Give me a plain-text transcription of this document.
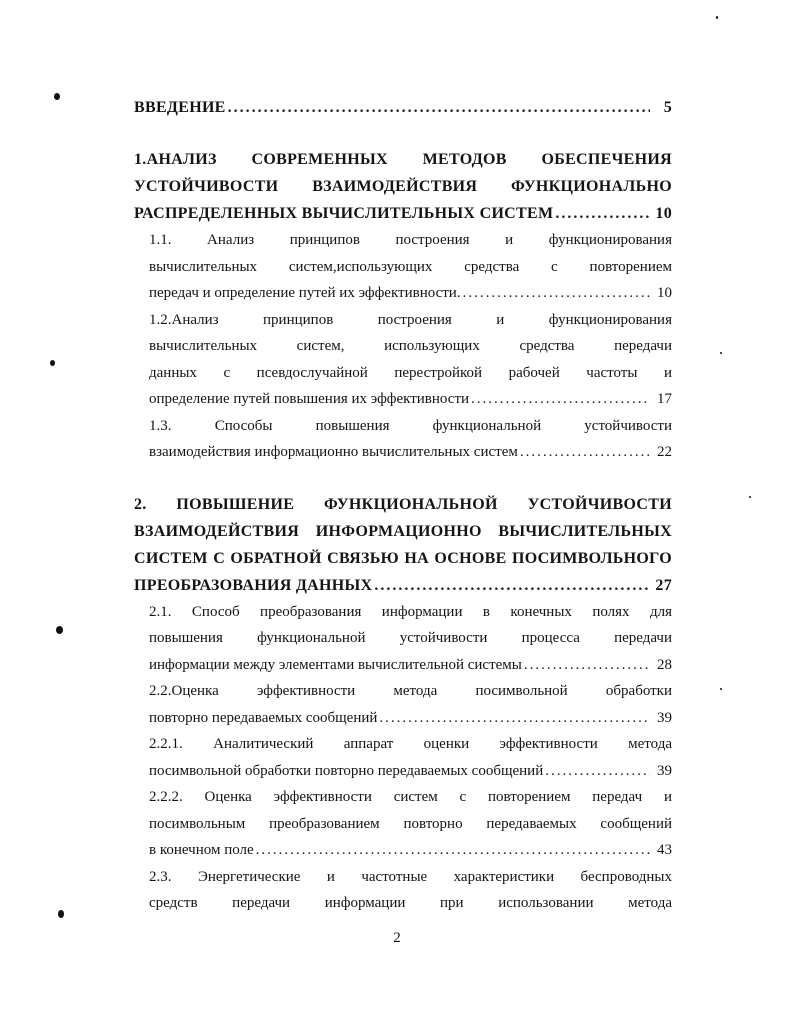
ВВЕДЕНИЕ .....	5
1.АНАЛИЗ СОВРЕМЕННЫХ МЕТОДОВ ОБЕСПЕЧЕНИЯ
УСТОЙЧИВОСТИ ВЗАИМОДЕЙСТВИЯ ФУНКЦИОНАЛЬНО
РАСПРЕДЕЛЕННЫХ ВЫЧИСЛИТЕЛЬНЫХ СИСТЕМ .....	10
1.1. Анализ принципов построения и функционирования
вычислительных систем,использующих средства с повторением
передач и определение путей их эффективности. .....	10
1.2.Анализ принципов построения и функционирования
вычислительных систем, использующих средства передачи
данных с псевдослучайной перестройкой рабочей частоты и
определение путей повышения их эффективности .....	17
1.3. Способы повышения функциональной устойчивости
взаимодействия информационно вычислительных систем .....	22
2. ПОВЫШЕНИЕ ФУНКЦИОНАЛЬНОЙ УСТОЙЧИВОСТИ
ВЗАИМОДЕЙСТВИЯ ИНФОРМАЦИОННО ВЫЧИСЛИТЕЛЬНЫХ
СИСТЕМ С ОБРАТНОЙ СВЯЗЬЮ НА ОСНОВЕ ПОСИМВОЛЬНОГО
ПРЕОБРАЗОВАНИЯ ДАННЫХ .....	27
2.1. Способ преобразования информации в конечных полях для
повышения функциональной устойчивости процесса передачи
информации между элементами вычислительной системы .....	28
2.2.Оценка эффективности метода посимвольной обработки
повторно передаваемых сообщений .....	39
2.2.1. Аналитический аппарат оценки эффективности метода
посимвольной обработки повторно передаваемых сообщений .....	39
2.2.2. Оценка эффективности систем с повторением передач и
посимвольным преобразованием повторно передаваемых сообщений
в конечном поле .....	43
2.3. Энергетические и частотные характеристики беспроводных
средств передачи информации при использовании метода
2
